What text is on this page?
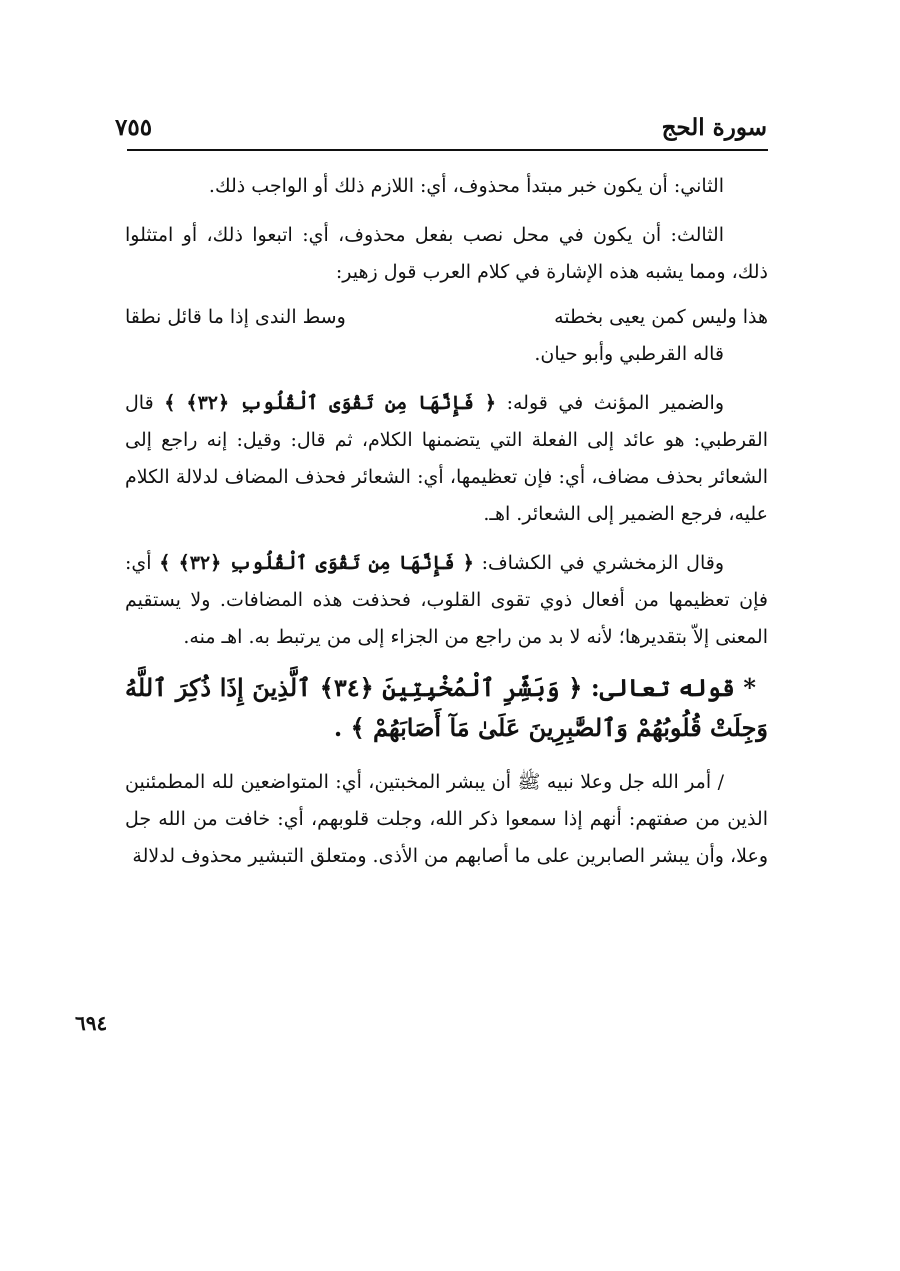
سورة الحج
٧٥٥
٦٩٤

الثاني: أن يكون خبر مبتدأ محذوف، أي: اللازم ذلك أو الواجب ذلك.

الثالث: أن يكون في محل نصب بفعل محذوف، أي: اتبعوا ذلك، أو امتثلوا ذلك، ومما يشبه هذه الإشارة في كلام العرب قول زهير:

هذا وليس كمن يعيى بخطته
وسط الندى إذا ما قائل نطقا

قاله القرطبي وأبو حيان.

والضمير المؤنث في قوله: ﴿ فَإِنَّهَا مِن تَقْوَى ٱلْقُلُوبِ ﴿٣٢﴾ ﴾ قال القرطبي: هو عائد إلى الفعلة التي يتضمنها الكلام، ثم قال: وقيل: إنه راجع إلى الشعائر بحذف مضاف، أي: فإن تعظيمها، أي: الشعائر فحذف المضاف لدلالة الكلام عليه، فرجع الضمير إلى الشعائر. اهـ.

وقال الزمخشري في الكشاف: ﴿ فَإِنَّهَا مِن تَقْوَى ٱلْقُلُوبِ ﴿٣٢﴾ ﴾ أي: فإن تعظيمها من أفعال ذوي تقوى القلوب، فحذفت هذه المضافات. ولا يستقيم المعنى إلاّ بتقديرها؛ لأنه لا بد من راجع من الجزاء إلى من يرتبط به. اهـ منه.

* قوله تعالى: ﴿ وَبَشِّرِ ٱلْمُخْبِتِينَ ﴿٣٤﴾ ٱلَّذِينَ إِذَا ذُكِرَ ٱللَّهُ وَجِلَتْ قُلُوبُهُمْ وَٱلصَّٰبِرِينَ عَلَىٰ مَآ أَصَابَهُمْ ﴾ .

/ أمر الله جل وعلا نبيه ﷺ أن يبشر المخبتين، أي: المتواضعين لله المطمئنين الذين من صفتهم: أنهم إذا سمعوا ذكر الله، وجلت قلوبهم، أي: خافت من الله جل وعلا، وأن يبشر الصابرين على ما أصابهم من الأذى. ومتعلق التبشير محذوف لدلالة
